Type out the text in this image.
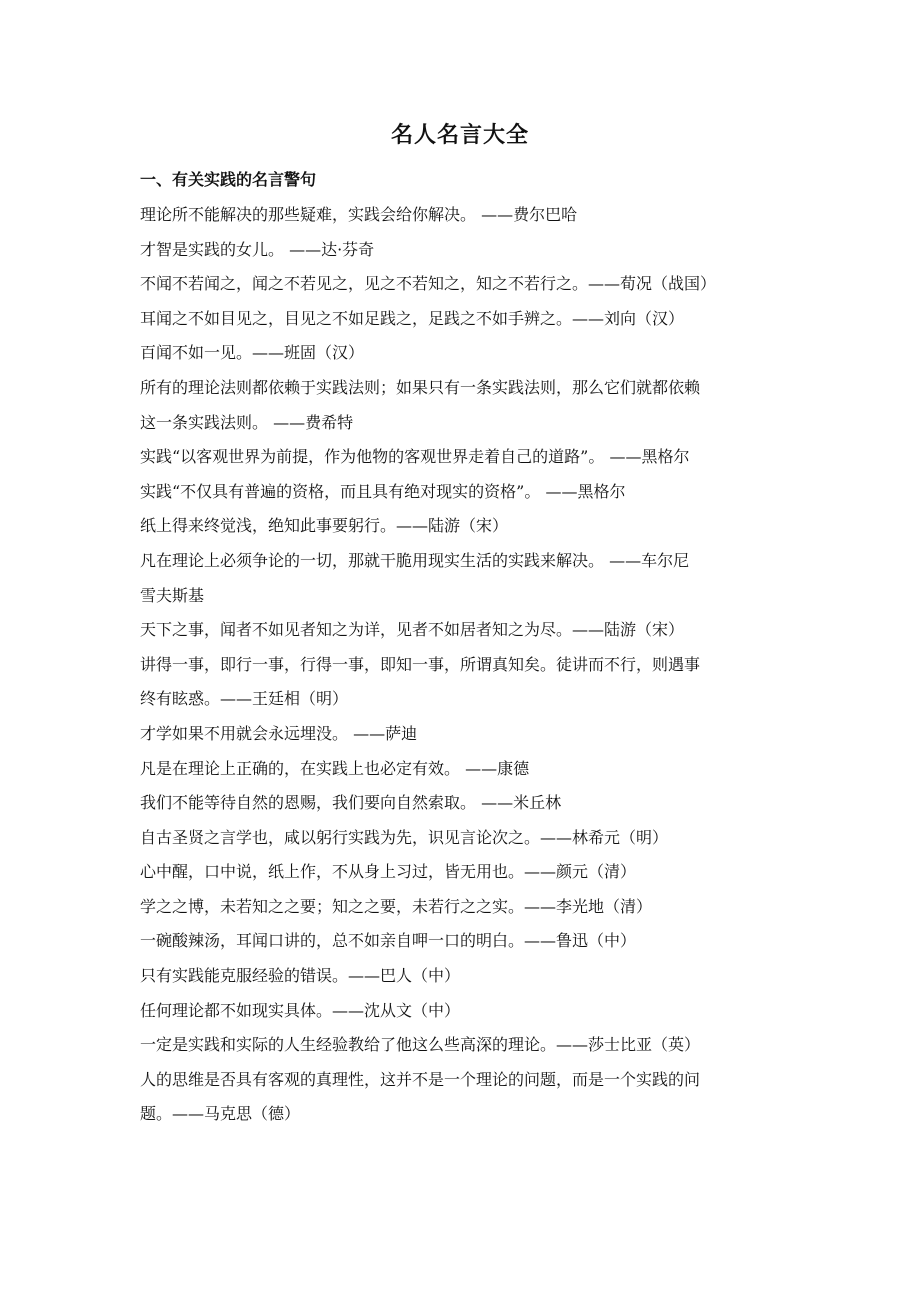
名人名言大全
一、有关实践的名言警句
理论所不能解决的那些疑难，实践会给你解决。 ——费尔巴哈
才智是实践的女儿。 ——达·芬奇
不闻不若闻之，闻之不若见之，见之不若知之，知之不若行之。——荀况（战国）
耳闻之不如目见之，目见之不如足践之，足践之不如手辨之。——刘向（汉）
百闻不如一见。——班固（汉）
所有的理论法则都依赖于实践法则；如果只有一条实践法则，那么它们就都依赖
这一条实践法则。 ——费希特
实践“以客观世界为前提，作为他物的客观世界走着自己的道路”。 ——黑格尔
实践“不仅具有普遍的资格，而且具有绝对现实的资格”。 ——黑格尔
纸上得来终觉浅，绝知此事要躬行。——陆游（宋）
凡在理论上必须争论的一切，那就干脆用现实生活的实践来解决。 ——车尔尼
雪夫斯基
天下之事，闻者不如见者知之为详，见者不如居者知之为尽。——陆游（宋）
讲得一事，即行一事，行得一事，即知一事，所谓真知矣。徒讲而不行，则遇事
终有眩惑。——王廷相（明）
才学如果不用就会永远埋没。 ——萨迪
凡是在理论上正确的，在实践上也必定有效。 ——康德
我们不能等待自然的恩赐，我们要向自然索取。 ——米丘林
自古圣贤之言学也，咸以躬行实践为先，识见言论次之。——林希元（明）
心中醒，口中说，纸上作，不从身上习过，皆无用也。——颜元（清）
学之之博，未若知之之要；知之之要，未若行之之实。——李光地（清）
一碗酸辣汤，耳闻口讲的，总不如亲自呷一口的明白。——鲁迅（中）
只有实践能克服经验的错误。——巴人（中）
任何理论都不如现实具体。——沈从文（中）
一定是实践和实际的人生经验教给了他这么些高深的理论。——莎士比亚（英）
人的思维是否具有客观的真理性，这并不是一个理论的问题，而是一个实践的问
题。——马克思（德）
